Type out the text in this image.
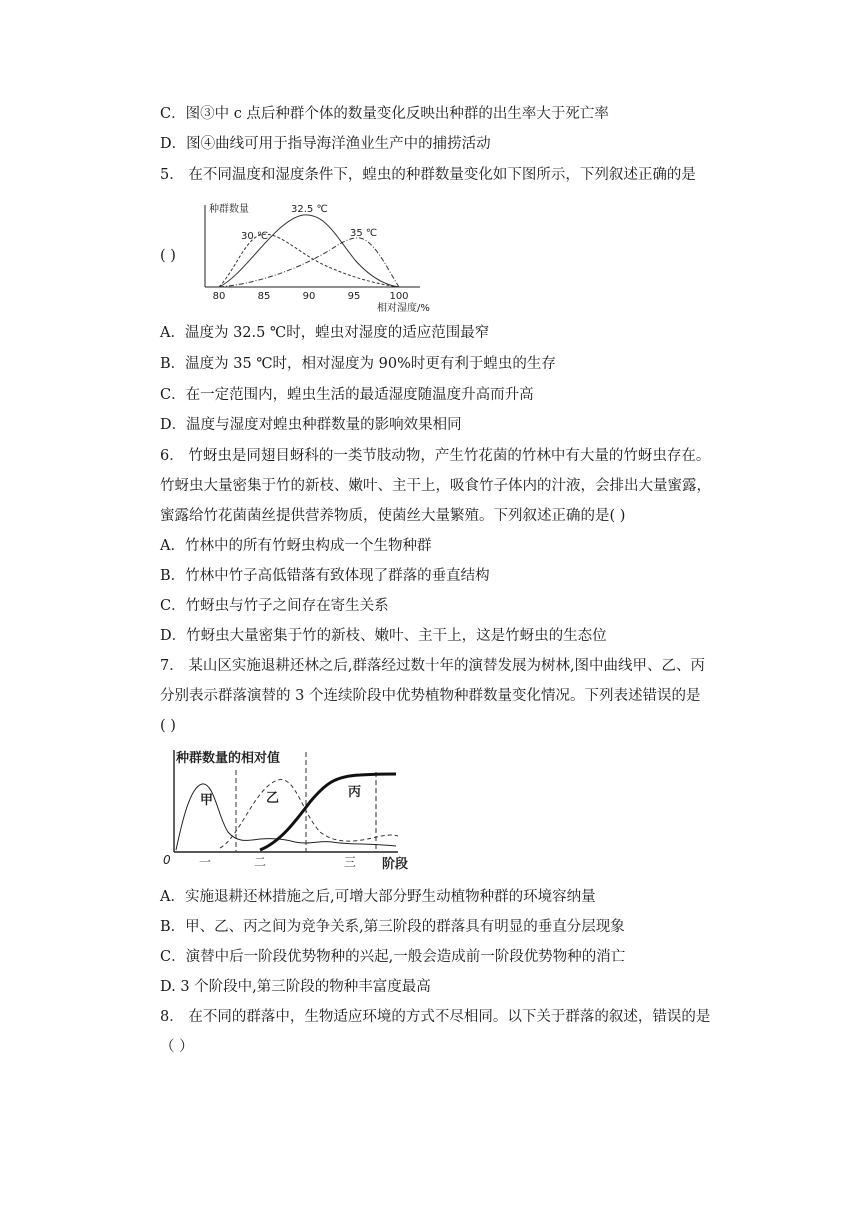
C．图③中 c 点后种群个体的数量变化反映出种群的出生率大于死亡率
D．图④曲线可用于指导海洋渔业生产中的捕捞活动
5． 在不同温度和湿度条件下，蝗虫的种群数量变化如下图所示，下列叙述正确的是
( )
种群数量
30 ℃
32.5 ℃
35 ℃
80	85	90	95	100
相对湿度/%
A．温度为 32.5 ℃时，蝗虫对湿度的适应范围最窄
B．温度为 35 ℃时，相对湿度为 90%时更有利于蝗虫的生存
C．在一定范围内，蝗虫生活的最适湿度随温度升高而升高
D．温度与湿度对蝗虫种群数量的影响效果相同
6． 竹蚜虫是同翅目蚜科的一类节肢动物，产生竹花菌的竹林中有大量的竹蚜虫存在。
竹蚜虫大量密集于竹的新枝、嫩叶、主干上，吸食竹子体内的汁液，会排出大量蜜露，
蜜露给竹花菌菌丝提供营养物质，使菌丝大量繁殖。下列叙述正确的是( )
A．竹林中的所有竹蚜虫构成一个生物种群
B．竹林中竹子高低错落有致体现了群落的垂直结构
C．竹蚜虫与竹子之间存在寄生关系
D．竹蚜虫大量密集于竹的新枝、嫩叶、主干上，这是竹蚜虫的生态位
7． 某山区实施退耕还林之后,群落经过数十年的演替发展为树林,图中曲线甲、乙、丙
分别表示群落演替的 3 个连续阶段中优势植物种群数量变化情况。下列表述错误的是
( )
种群数量的相对值
0	阶段
一	二	三
甲	乙	丙
A．实施退耕还林措施之后,可增大部分野生动植物种群的环境容纳量
B．甲、乙、丙之间为竞争关系,第三阶段的群落具有明显的垂直分层现象
C．演替中后一阶段优势物种的兴起,一般会造成前一阶段优势物种的消亡
D. 3 个阶段中,第三阶段的物种丰富度最高
8． 在不同的群落中，生物适应环境的方式不尽相同。以下关于群落的叙述，错误的是
（ ）
